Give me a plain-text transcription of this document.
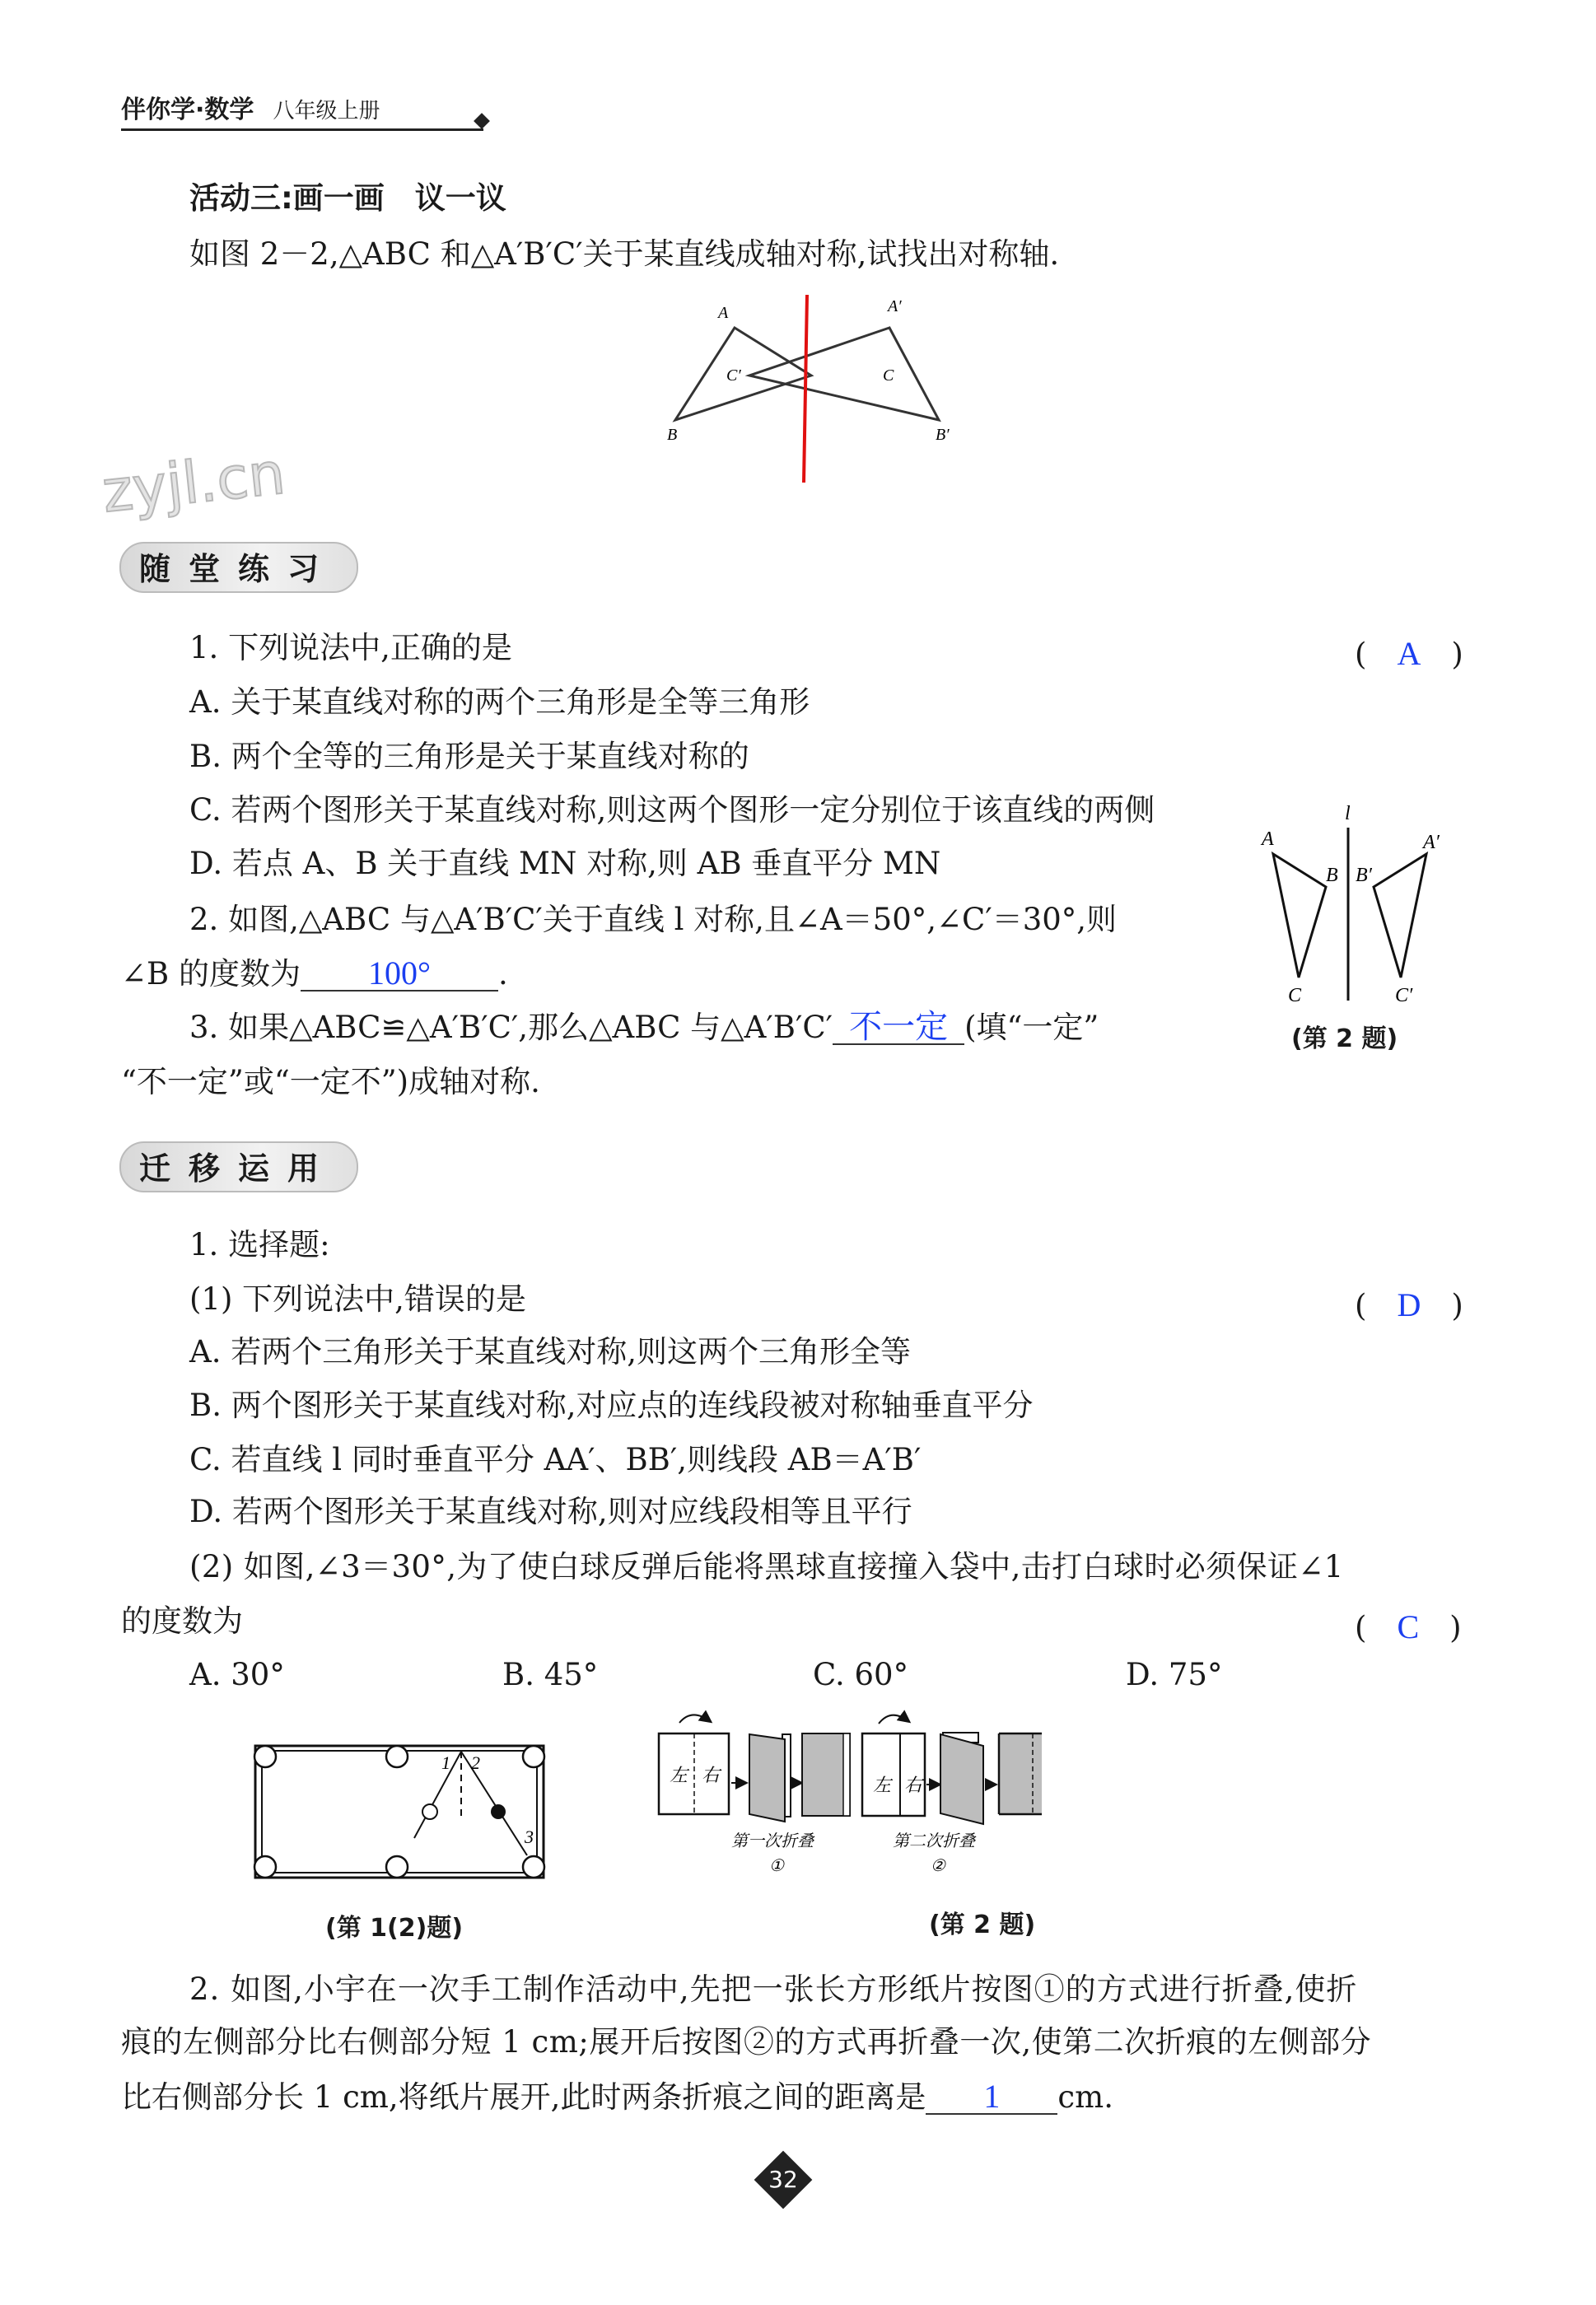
伴你学·数学 八年级上册
活动三:画一画　议一议
如图 2－2,△ABC 和△A′B′C′关于某直线成轴对称,试找出对称轴.
A	A′
C′	C
B	B′
zyjl.cn
随堂练习
1. 下列说法中,正确的是	(　A　)
A. 关于某直线对称的两个三角形是全等三角形
B. 两个全等的三角形是关于某直线对称的
C. 若两个图形关于某直线对称,则这两个图形一定分别位于该直线的两侧
D. 若点 A、B 关于直线 MN 对称,则 AB 垂直平分 MN
2. 如图,△ABC 与△A′B′C′关于直线 l 对称,且∠A＝50°,∠C′＝30°,则
∠B 的度数为 100° .
l
A
B
C
A′
B′
C′
(第 2 题)
3. 如果△ABC≌△A′B′C′,那么△ABC 与△A′B′C′ 不一定 (填“一定”
“不一定”或“一定不”)成轴对称.
迁移运用
1. 选择题:
(1) 下列说法中,错误的是	(　D　)
A. 若两个三角形关于某直线对称,则这两个三角形全等
B. 两个图形关于某直线对称,对应点的连线段被对称轴垂直平分
C. 若直线 l 同时垂直平分 AA′、BB′,则线段 AB＝A′B′
D. 若两个图形关于某直线对称,则对应线段相等且平行
(2) 如图,∠3＝30°,为了使白球反弹后能将黑球直接撞入袋中,击打白球时必须保证∠1
的度数为	(　C　)
A. 30°	B. 45°	C. 60°	D. 75°
1 2
3
(第 1(2)题)
左 右	左 右
第一次折叠
①
第二次折叠
②
(第 2 题)
2. 如图,小宇在一次手工制作活动中,先把一张长方形纸片按图①的方式进行折叠,使折
痕的左侧部分比右侧部分短 1 cm;展开后按图②的方式再折叠一次,使第二次折痕的左侧部分
比右侧部分长 1 cm,将纸片展开,此时两条折痕之间的距离是 1 cm.
32
